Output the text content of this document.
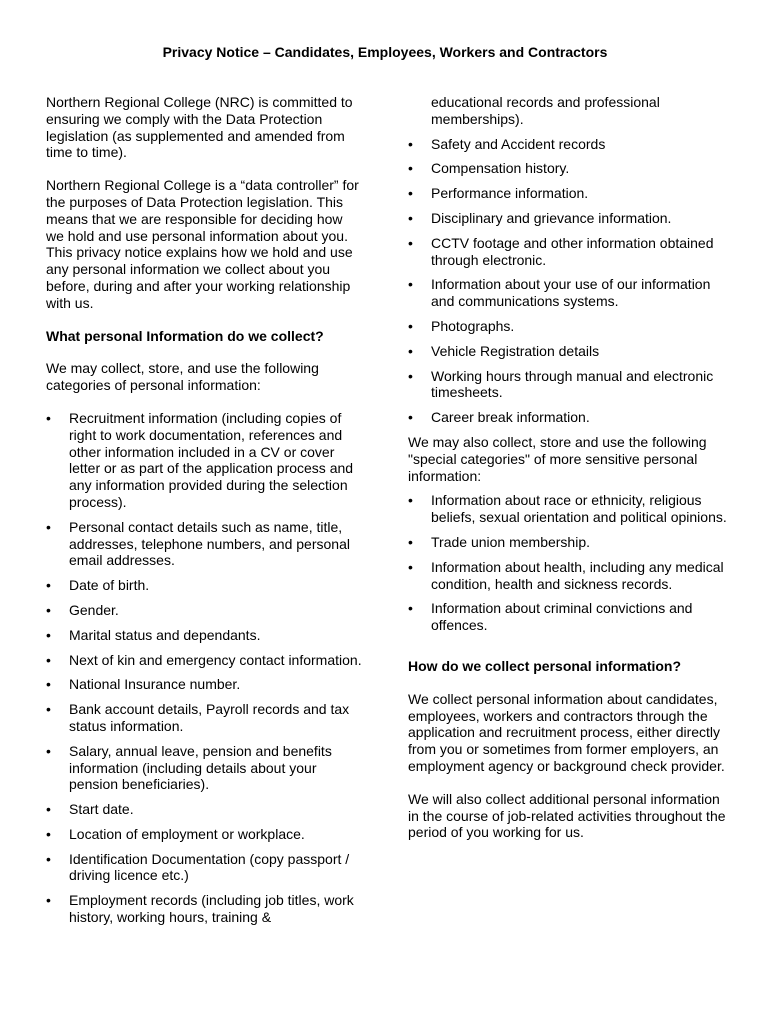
Privacy Notice – Candidates, Employees, Workers and Contractors

Northern Regional College (NRC) is committed to ensuring we comply with the Data Protection legislation (as supplemented and amended from time to time).

Northern Regional College is a “data controller” for the purposes of Data Protection legislation. This means that we are responsible for deciding how we hold and use personal information about you. This privacy notice explains how we hold and use any personal information we collect about you before, during and after your working relationship with us.

What personal Information do we collect?

We may collect, store, and use the following categories of personal information:

• Recruitment information (including copies of right to work documentation, references and other information included in a CV or cover letter or as part of the application process and any information provided during the selection process).
• Personal contact details such as name, title, addresses, telephone numbers, and personal email addresses.
• Date of birth.
• Gender.
• Marital status and dependants.
• Next of kin and emergency contact information.
• National Insurance number.
• Bank account details, Payroll records and tax status information.
• Salary, annual leave, pension and benefits information (including details about your pension beneficiaries).
• Start date.
• Location of employment or workplace.
• Identification Documentation (copy passport / driving licence etc.)
• Employment records (including job titles, work history, working hours, training &
educational records and professional memberships).
• Safety and Accident records
• Compensation history.
• Performance information.
• Disciplinary and grievance information.
• CCTV footage and other information obtained through electronic.
• Information about your use of our information and communications systems.
• Photographs.
• Vehicle Registration details
• Working hours through manual and electronic timesheets.
• Career break information.

We may also collect, store and use the following "special categories" of more sensitive personal information:

• Information about race or ethnicity, religious beliefs, sexual orientation and political opinions.
• Trade union membership.
• Information about health, including any medical condition, health and sickness records.
• Information about criminal convictions and offences.
How do we collect personal information?

We collect personal information about candidates, employees, workers and contractors through the application and recruitment process, either directly from you or sometimes from former employers, an employment agency or background check provider.

We will also collect additional personal information in the course of job-related activities throughout the period of you working for us.
